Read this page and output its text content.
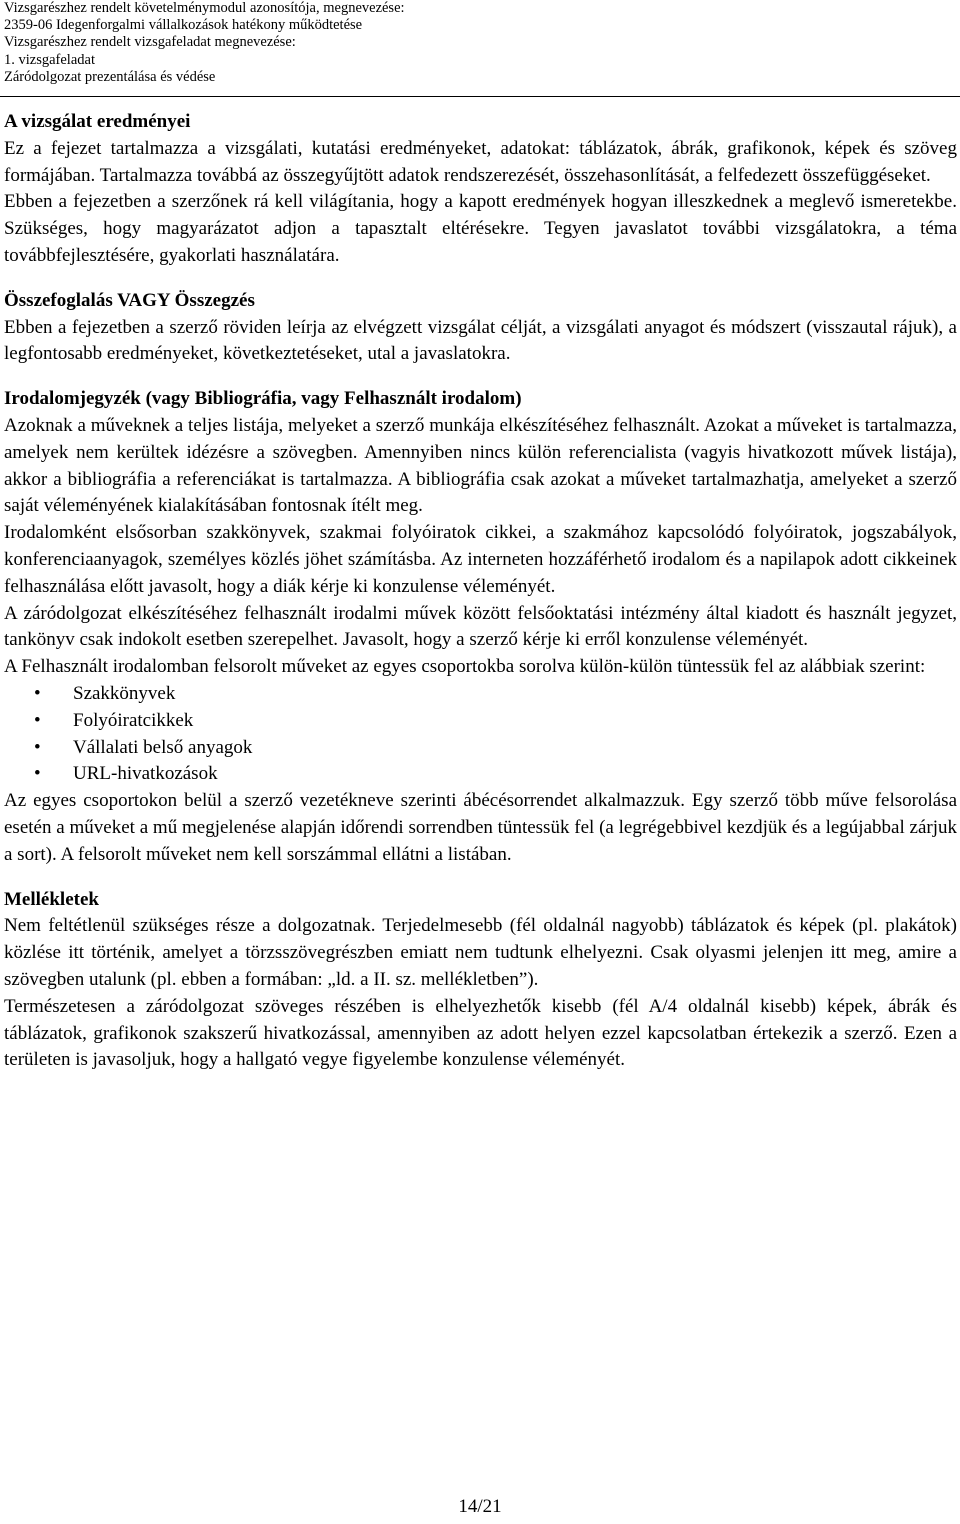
Vizsgarészhez rendelt követelménymodul azonosítója, megnevezése:
2359-06 Idegenforgalmi vállalkozások hatékony működtetése
Vizsgarészhez rendelt vizsgafeladat megnevezése:
1. vizsgafeladat
Záródolgozat prezentálása és védése

A vizsgálat eredményei

Ez a fejezet tartalmazza a vizsgálati, kutatási eredményeket, adatokat: táblázatok, ábrák, grafikonok, képek és szöveg formájában. Tartalmazza továbbá az összegyűjtött adatok rendszerezését, összehasonlítását, a felfedezett összefüggéseket.

Ebben a fejezetben a szerzőnek rá kell világítania, hogy a kapott eredmények hogyan illeszkednek a meglevő ismeretekbe. Szükséges, hogy magyarázatot adjon a tapasztalt eltérésekre. Tegyen javaslatot további vizsgálatokra, a téma továbbfejlesztésére, gyakorlati használatára.

Összefoglalás VAGY Összegzés

Ebben a fejezetben a szerző röviden leírja az elvégzett vizsgálat célját, a vizsgálati anyagot és módszert (visszautal rájuk), a legfontosabb eredményeket, következtetéseket, utal a javaslatokra.

Irodalomjegyzék (vagy Bibliográfia, vagy Felhasznált irodalom)

Azoknak a műveknek a teljes listája, melyeket a szerző munkája elkészítéséhez felhasznált. Azokat a műveket is tartalmazza, amelyek nem kerültek idézésre a szövegben. Amennyiben nincs külön referencialista (vagyis hivatkozott művek listája), akkor a bibliográfia a referenciákat is tartalmazza. A bibliográfia csak azokat a műveket tartalmazhatja, amelyeket a szerző saját véleményének kialakításában fontosnak ítélt meg.

Irodalomként elsősorban szakkönyvek, szakmai folyóiratok cikkei, a szakmához kapcsolódó folyóiratok, jogszabályok, konferenciaanyagok, személyes közlés jöhet számításba. Az interneten hozzáférhető irodalom és a napilapok adott cikkeinek felhasználása előtt javasolt, hogy a diák kérje ki konzulense véleményét.

A záródolgozat elkészítéséhez felhasznált irodalmi művek között felsőoktatási intézmény által kiadott és használt jegyzet, tankönyv csak indokolt esetben szerepelhet. Javasolt, hogy a szerző kérje ki erről konzulense véleményét.

A Felhasznált irodalomban felsorolt műveket az egyes csoportokba sorolva külön-külön tüntessük fel az alábbiak szerint:

• Szakkönyvek
• Folyóiratcikkek
• Vállalati belső anyagok
• URL-hivatkozások

Az egyes csoportokon belül a szerző vezetékneve szerinti ábécésorrendet alkalmazzuk. Egy szerző több műve felsorolása esetén a műveket a mű megjelenése alapján időrendi sorrendben tüntessük fel (a legrégebbivel kezdjük és a legújabbal zárjuk a sort). A felsorolt műveket nem kell sorszámmal ellátni a listában.

Mellékletek

Nem feltétlenül szükséges része a dolgozatnak. Terjedelmesebb (fél oldalnál nagyobb) táblázatok és képek (pl. plakátok) közlése itt történik, amelyet a törzsszövegrészben emiatt nem tudtunk elhelyezni. Csak olyasmi jelenjen itt meg, amire a szövegben utalunk (pl. ebben a formában: „ld. a II. sz. mellékletben”).

Természetesen a záródolgozat szöveges részében is elhelyezhetők kisebb (fél A/4 oldalnál kisebb) képek, ábrák és táblázatok, grafikonok szakszerű hivatkozással, amennyiben az adott helyen ezzel kapcsolatban értekezik a szerző. Ezen a területen is javasoljuk, hogy a hallgató vegye figyelembe konzulense véleményét.

14/21
